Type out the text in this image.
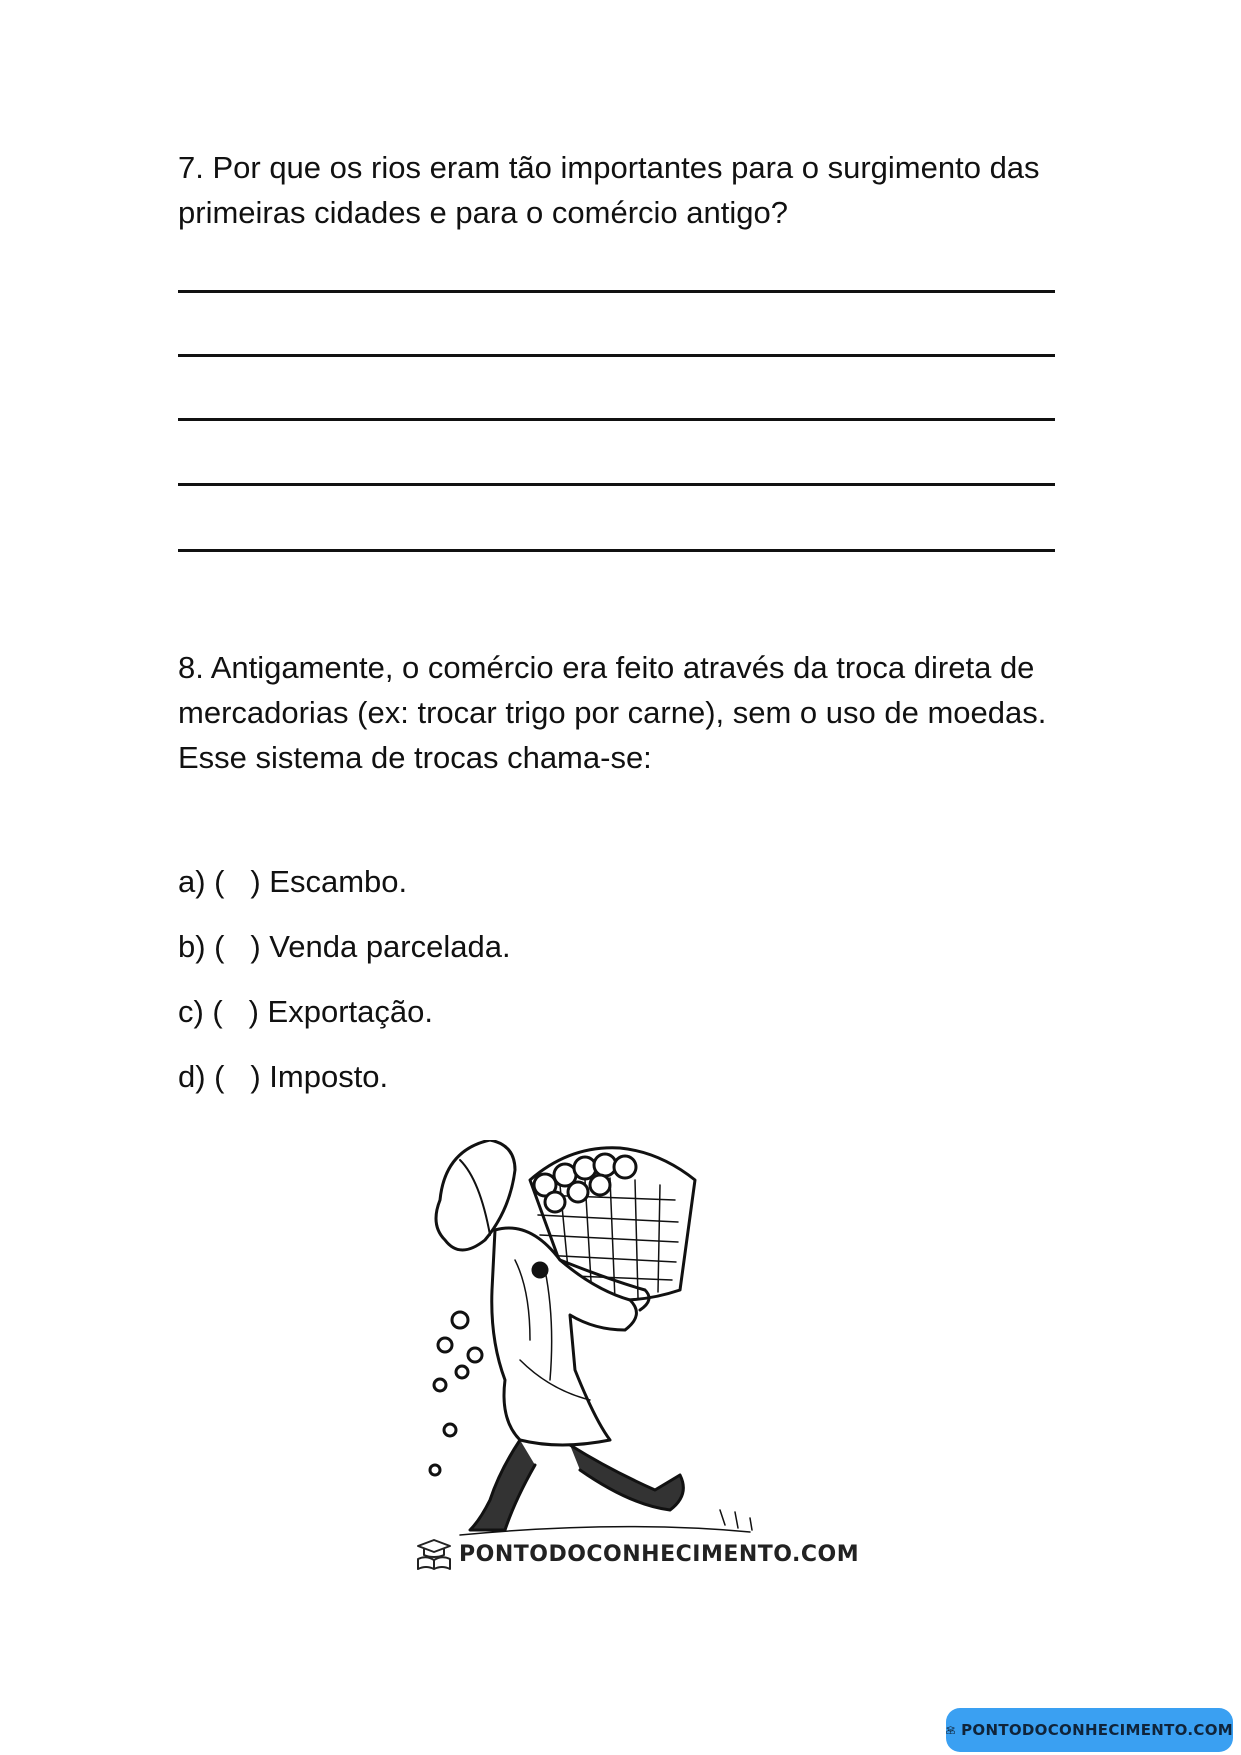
7. Por que os rios eram tão importantes para o surgimento das primeiras cidades e para o comércio antigo?

8. Antigamente, o comércio era feito através da troca direta de mercadorias (ex: trocar trigo por carne), sem o uso de moedas. Esse sistema de trocas chama-se:

a) (   ) Escambo.
b) (   ) Venda parcelada.
c) (   ) Exportação.
d) (   ) Imposto.
PONTODOCONHECIMENTO.COM
PONTODOCONHECIMENTO.COM
